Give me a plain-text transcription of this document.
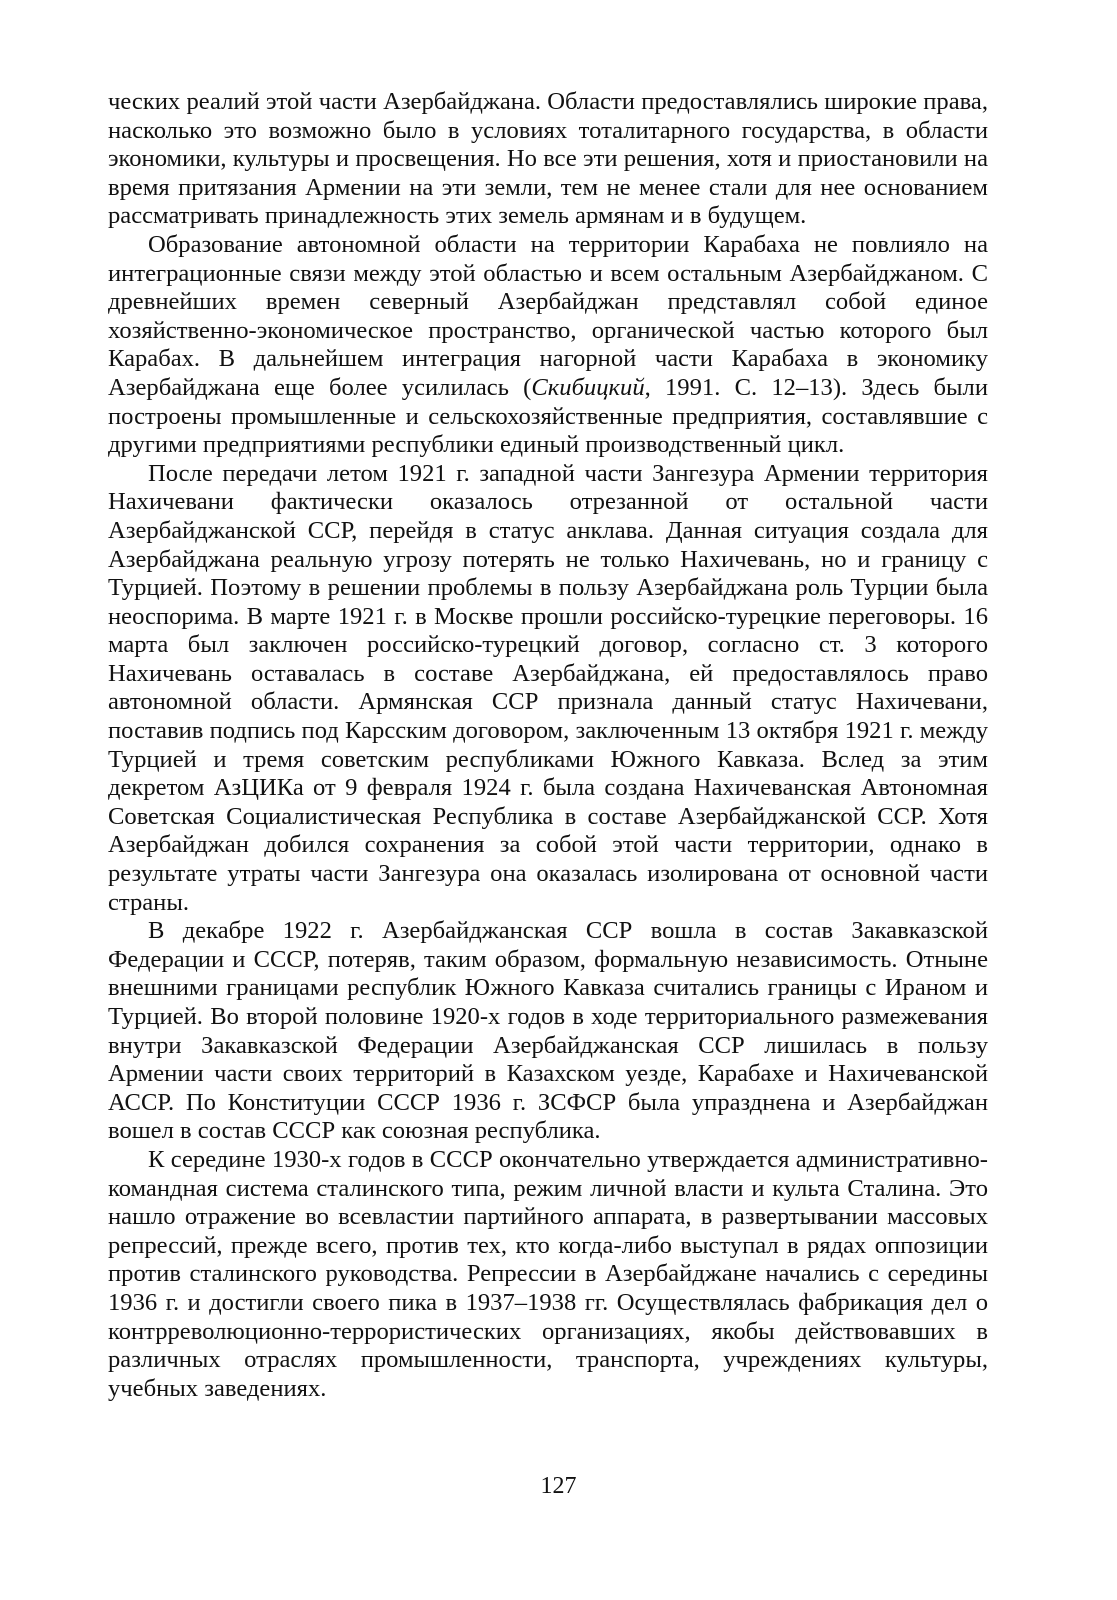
ческих реалий этой части Азербайджана. Области предоставлялись широкие права, насколько это возможно было в условиях тоталитарного государства, в области экономики, культуры и просвещения. Но все эти решения, хотя и приостановили на время притязания Армении на эти земли, тем не менее стали для нее основанием рассматривать принадлежность этих земель армянам и в будущем.

Образование автономной области на территории Карабаха не повлияло на интеграционные связи между этой областью и всем остальным Азербайджаном. С древнейших времен северный Азербайджан представлял собой единое хозяйственно-экономическое пространство, органической частью которого был Карабах. В дальнейшем интеграция нагорной части Карабаха в экономику Азербайджана еще более усилилась (Скибицкий, 1991. С. 12–13). Здесь были построены промышленные и сельскохозяйственные предприятия, составлявшие с другими предприятиями республики единый производственный цикл.

После передачи летом 1921 г. западной части Зангезура Армении территория Нахичевани фактически оказалось отрезанной от остальной части Азербайджанской ССР, перейдя в статус анклава. Данная ситуация создала для Азербайджана реальную угрозу потерять не только Нахичевань, но и границу с Турцией. Поэтому в решении проблемы в пользу Азербайджана роль Турции была неоспорима. В марте 1921 г. в Москве прошли российско-турецкие переговоры. 16 марта был заключен российско-турецкий договор, согласно ст. 3 которого Нахичевань оставалась в составе Азербайджана, ей предоставлялось право автономной области. Армянская ССР признала данный статус Нахичевани, поставив подпись под Карсским договором, заключенным 13 октября 1921 г. между Турцией и тремя советским республиками Южного Кавказа. Вслед за этим декретом АзЦИКа от 9 февраля 1924 г. была создана Нахичеванская Автономная Советская Социалистическая Республика в составе Азербайджанской ССР. Хотя Азербайджан добился сохранения за собой этой части территории, однако в результате утраты части Зангезура она оказалась изолирована от основной части страны.

В декабре 1922 г. Азербайджанская ССР вошла в состав Закавказской Федерации и СССР, потеряв, таким образом, формальную независимость. Отныне внешними границами республик Южного Кавказа считались границы с Ираном и Турцией. Во второй половине 1920-х годов в ходе территориального размежевания внутри Закавказской Федерации Азербайджанская ССР лишилась в пользу Армении части своих территорий в Казахском уезде, Карабахе и Нахичеванской АССР. По Конституции СССР 1936 г. ЗСФСР была упразднена и Азербайджан вошел в состав СССР как союзная республика.

К середине 1930-х годов в СССР окончательно утверждается административно-командная система сталинского типа, режим личной власти и культа Сталина. Это нашло отражение во всевластии партийного аппарата, в развертывании массовых репрессий, прежде всего, против тех, кто когда-либо выступал в рядах оппозиции против сталинского руководства. Репрессии в Азербайджане начались с середины 1936 г. и достигли своего пика в 1937–1938 гг. Осуществлялась фабрикация дел о контрреволюционно-террористических организациях, якобы действовавших в различных отраслях промышленности, транспорта, учреждениях культуры, учебных заведениях.

127
